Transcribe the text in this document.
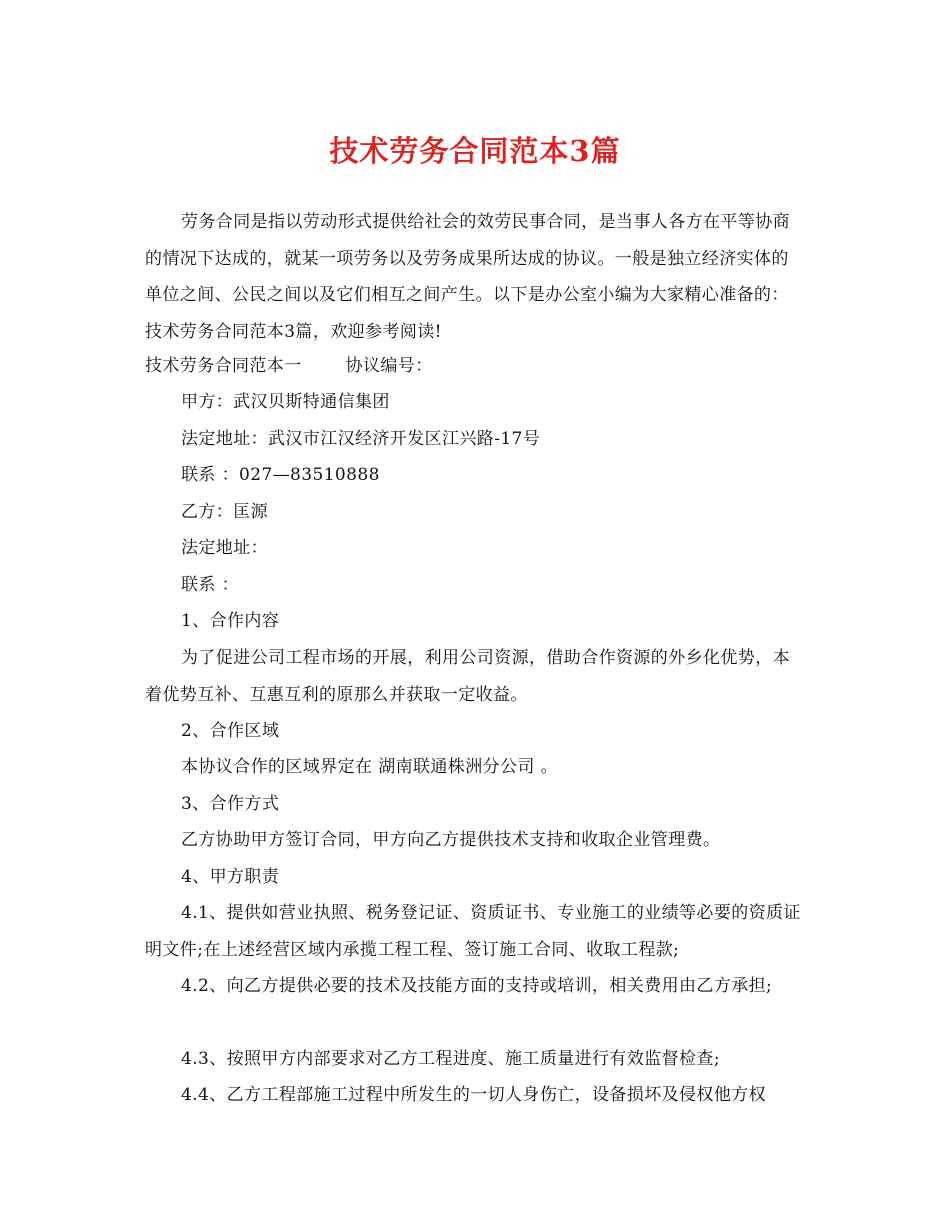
技术劳务合同范本3篇

劳务合同是指以劳动形式提供给社会的效劳民事合同，是当事人各方在平等协商的情况下达成的，就某一项劳务以及劳务成果所达成的协议。一般是独立经济实体的单位之间、公民之间以及它们相互之间产生。以下是办公室小编为大家精心准备的：技术劳务合同范本3篇，欢迎参考阅读!

技术劳务合同范本一	协议编号：

甲方：武汉贝斯特通信集团

法定地址：武汉市江汉经济开发区江兴路-17号

联系 ：027—83510888

乙方：匡源

法定地址：

联系 ：

1、合作内容

为了促进公司工程市场的开展，利用公司资源，借助合作资源的外乡化优势，本着优势互补、互惠互利的原那么并获取一定收益。

2、合作区域

本协议合作的区域界定在 湖南联通株洲分公司 。

3、合作方式

乙方协助甲方签订合同，甲方向乙方提供技术支持和收取企业管理费。

4、甲方职责

4.1、提供如营业执照、税务登记证、资质证书、专业施工的业绩等必要的资质证明文件;在上述经营区域内承揽工程工程、签订施工合同、收取工程款;

4.2、向乙方提供必要的技术及技能方面的支持或培训，相关费用由乙方承担;

4.3、按照甲方内部要求对乙方工程进度、施工质量进行有效监督检查;

4.4、乙方工程部施工过程中所发生的一切人身伤亡，设备损坏及侵权他方权
